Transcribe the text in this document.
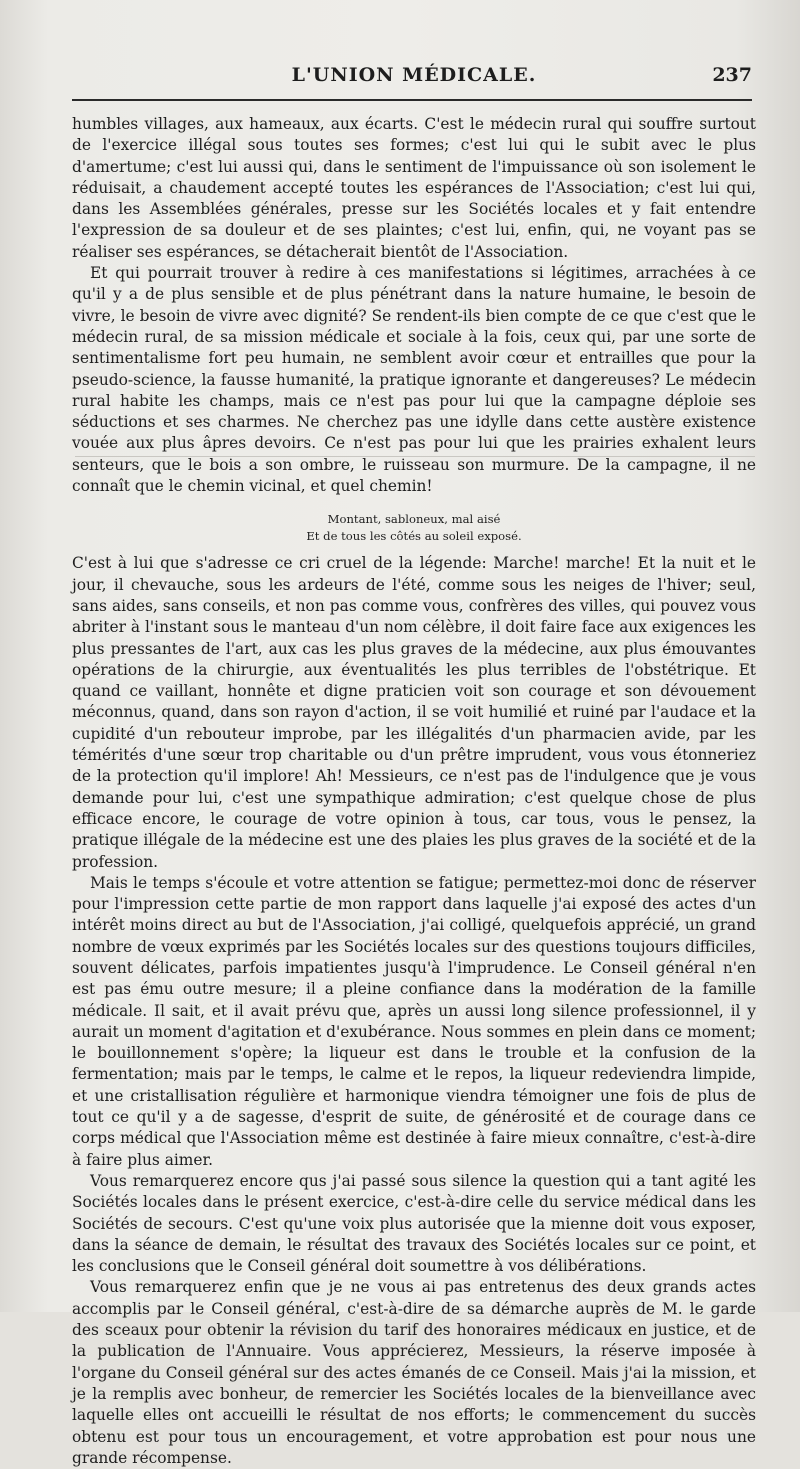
L'UNION MÉDICALE.	237

humbles villages, aux hameaux, aux écarts. C'est le médecin rural qui souffre surtout de l'exercice illégal sous toutes ses formes; c'est lui qui le subit avec le plus d'amertume; c'est lui aussi qui, dans le sentiment de l'impuissance où son isolement le réduisait, a chaudement accepté toutes les espérances de l'Association; c'est lui qui, dans les Assemblées générales, presse sur les Sociétés locales et y fait entendre l'expression de sa douleur et de ses plaintes; c'est lui, enfin, qui, ne voyant pas se réaliser ses espérances, se détacherait bientôt de l'Association.

Et qui pourrait trouver à redire à ces manifestations si légitimes, arrachées à ce qu'il y a de plus sensible et de plus pénétrant dans la nature humaine, le besoin de vivre, le besoin de vivre avec dignité? Se rendent-ils bien compte de ce que c'est que le médecin rural, de sa mission médicale et sociale à la fois, ceux qui, par une sorte de sentimentalisme fort peu humain, ne semblent avoir cœur et entrailles que pour la pseudo-science, la fausse humanité, la pratique ignorante et dangereuses? Le médecin rural habite les champs, mais ce n'est pas pour lui que la campagne déploie ses séductions et ses charmes. Ne cherchez pas une idylle dans cette austère existence vouée aux plus âpres devoirs. Ce n'est pas pour lui que les prairies exhalent leurs senteurs, que le bois a son ombre, le ruisseau son murmure. De la campagne, il ne connaît que le chemin vicinal, et quel chemin!

Montant, sabloneux, mal aisé
Et de tous les côtés au soleil exposé.

C'est à lui que s'adresse ce cri cruel de la légende: Marche! marche! Et la nuit et le jour, il chevauche, sous les ardeurs de l'été, comme sous les neiges de l'hiver; seul, sans aides, sans conseils, et non pas comme vous, confrères des villes, qui pouvez vous abriter à l'instant sous le manteau d'un nom célèbre, il doit faire face aux exigences les plus pressantes de l'art, aux cas les plus graves de la médecine, aux plus émouvantes opérations de la chirurgie, aux éventualités les plus terribles de l'obstétrique. Et quand ce vaillant, honnête et digne praticien voit son courage et son dévouement méconnus, quand, dans son rayon d'action, il se voit humilié et ruiné par l'audace et la cupidité d'un rebouteur improbe, par les illégalités d'un pharmacien avide, par les témérités d'une sœur trop charitable ou d'un prêtre imprudent, vous vous étonneriez de la protection qu'il implore! Ah! Messieurs, ce n'est pas de l'indulgence que je vous demande pour lui, c'est une sympathique admiration; c'est quelque chose de plus efficace encore, le courage de votre opinion à tous, car tous, vous le pensez, la pratique illégale de la médecine est une des plaies les plus graves de la société et de la profession.

Mais le temps s'écoule et votre attention se fatigue; permettez-moi donc de réserver pour l'impression cette partie de mon rapport dans laquelle j'ai exposé des actes d'un intérêt moins direct au but de l'Association, j'ai colligé, quelquefois apprécié, un grand nombre de vœux exprimés par les Sociétés locales sur des questions toujours difficiles, souvent délicates, parfois impatientes jusqu'à l'imprudence. Le Conseil général n'en est pas ému outre mesure; il a pleine confiance dans la modération de la famille médicale. Il sait, et il avait prévu que, après un aussi long silence professionnel, il y aurait un moment d'agitation et d'exubérance. Nous sommes en plein dans ce moment; le bouillonnement s'opère; la liqueur est dans le trouble et la confusion de la fermentation; mais par le temps, le calme et le repos, la liqueur redeviendra limpide, et une cristallisation régulière et harmonique viendra témoigner une fois de plus de tout ce qu'il y a de sagesse, d'esprit de suite, de générosité et de courage dans ce corps médical que l'Association même est destinée à faire mieux connaître, c'est-à-dire à faire plus aimer.

Vous remarquerez encore qus j'ai passé sous silence la question qui a tant agité les Sociétés locales dans le présent exercice, c'est-à-dire celle du service médical dans les Sociétés de secours. C'est qu'une voix plus autorisée que la mienne doit vous exposer, dans la séance de demain, le résultat des travaux des Sociétés locales sur ce point, et les conclusions que le Conseil général doit soumettre à vos délibérations.

Vous remarquerez enfin que je ne vous ai pas entretenus des deux grands actes accomplis par le Conseil général, c'est-à-dire de sa démarche auprès de M. le garde des sceaux pour obtenir la révision du tarif des honoraires médicaux en justice, et de la publication de l'Annuaire. Vous apprécierez, Messieurs, la réserve imposée à l'organe du Conseil général sur des actes émanés de ce Conseil. Mais j'ai la mission, et je la remplis avec bonheur, de remercier les Sociétés locales de la bienveillance avec laquelle elles ont accueilli le résultat de nos efforts; le commencement du succès obtenu est pour tous un encouragement, et votre approbation est pour nous une grande récompense.
